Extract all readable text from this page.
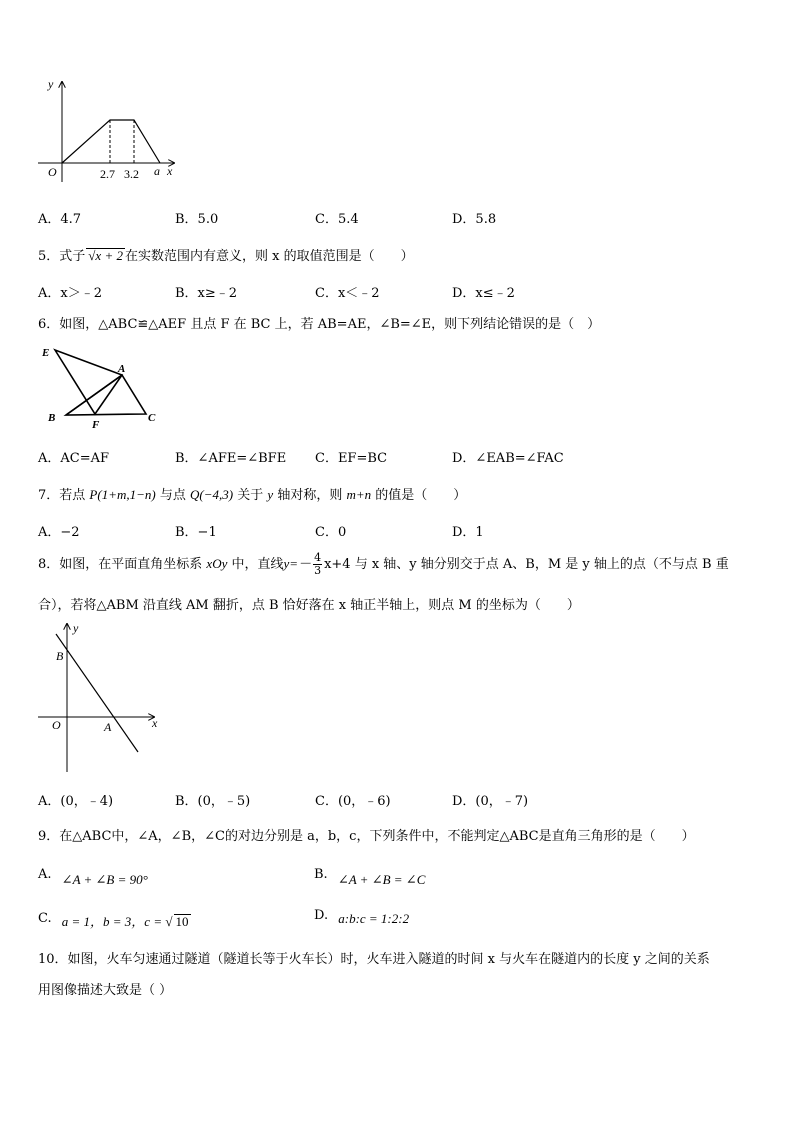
y
O	2.7 3.2 a x
A．4.7	B．5.0	C．5.4	D．5.8
5．式子 √x + 2 在实数范围内有意义，则 x 的取值范围是（　　）
A．x＞﹣2	B．x≥﹣2	C．x＜﹣2	D．x≤﹣2
6．如图，△ABC≌△AEF 且点 F 在 BC 上，若 AB=AE，∠B=∠E，则下列结论错误的是（　）
E
A
B
F
C
A．AC=AF	B．∠AFE=∠BFE C．EF=BC	D．∠EAB=∠FAC
7．若点 P(1+m,1−n) 与点 Q(−4,3) 关于 y 轴对称，则 m+n 的值是（　　）
A．−2	B．−1	C．0	D．1
8．如图，在平面直角坐标系 xOy 中，直线$y=- \frac{4}{3} x+4$ 与 x 轴、y 轴分别交于点 A、B，M 是 y 轴上的点（不与点 B 重
合），若将△ABM 沿直线 AM 翻折，点 B 恰好落在 x 轴正半轴上，则点 M 的坐标为（　　）
y
B
O	A	x
A．(0，﹣4)	B．(0，﹣5)	C．(0，﹣6)	D．(0，﹣7)
9．在△ABC中，∠A，∠B，∠C的对边分别是 a，b，c，下列条件中，不能判定△ABC是直角三角形的是（　　）
A. ∠A + ∠B = 90°	B. ∠A + ∠B = ∠C
C. a = 1，b = 3，c = √ 10	D. a:b:c = 1:2:2
10．如图，火车匀速通过隧道（隧道长等于火车长）时，火车进入隧道的时间 x 与火车在隧道内的长度 y 之间的关系
用图像描述大致是（ ）
